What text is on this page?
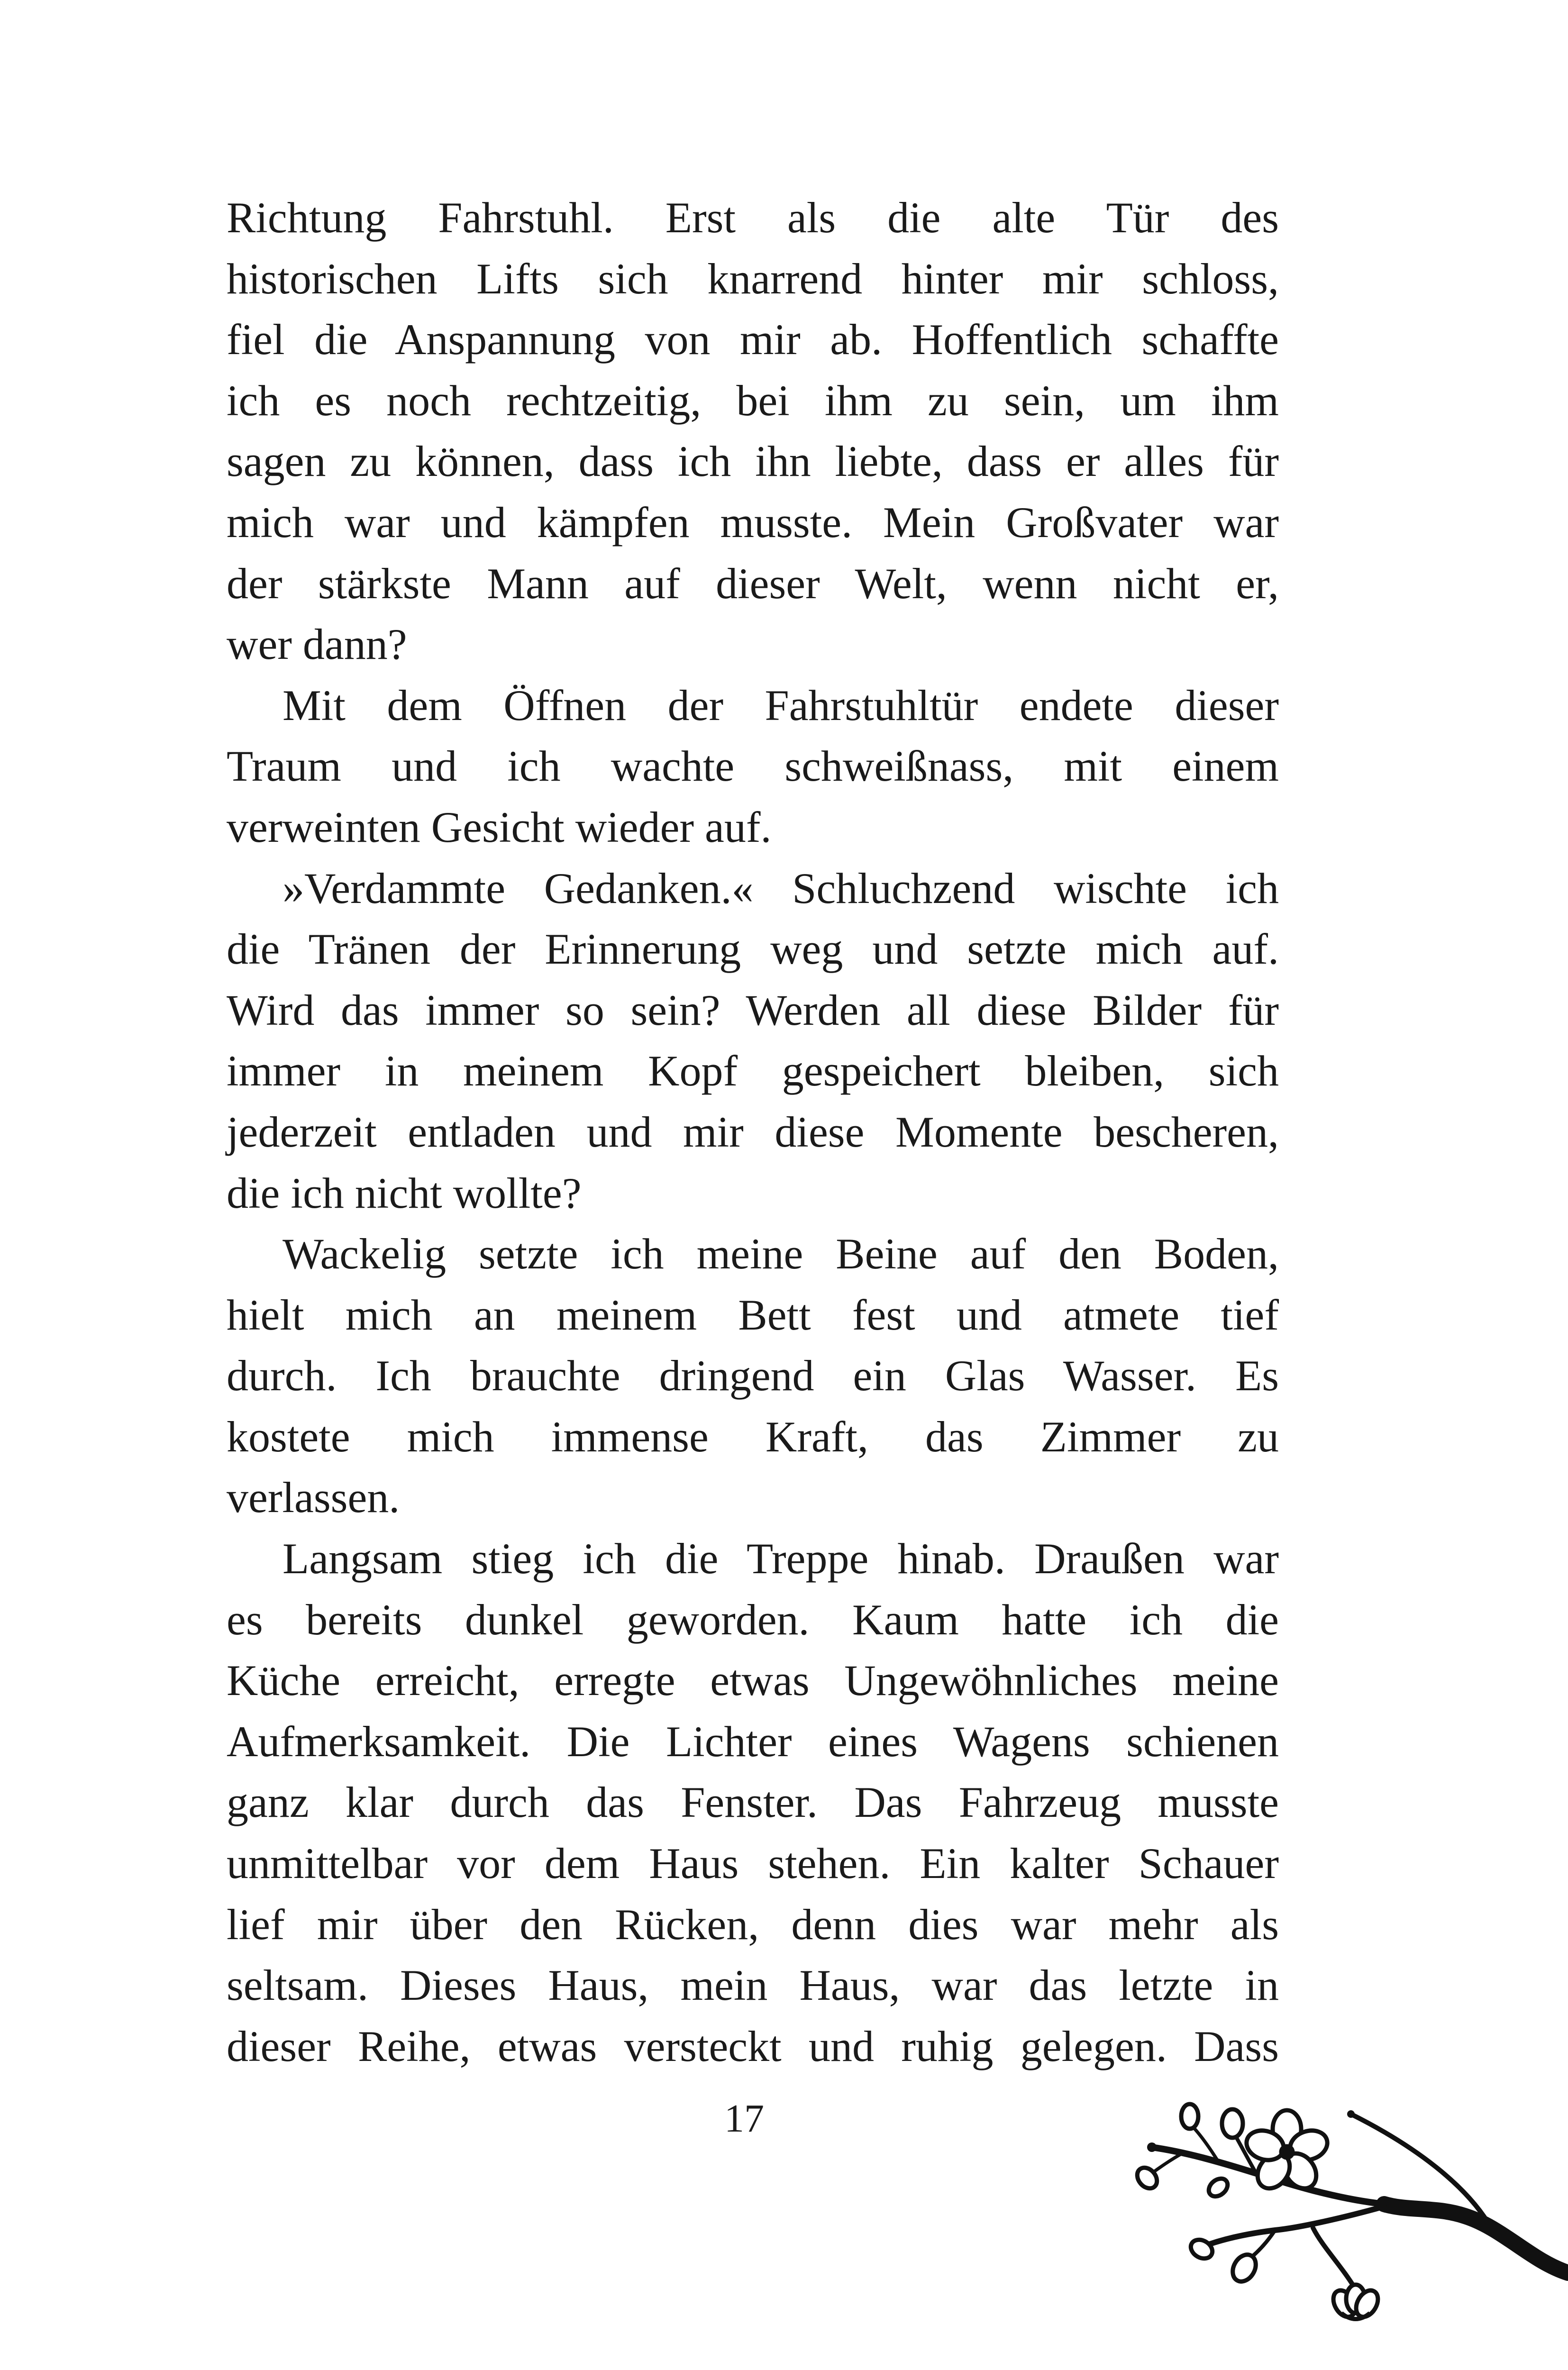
Richtung Fahrstuhl. Erst als die alte Tür des
historischen Lifts sich knarrend hinter mir schloss,
fiel die Anspannung von mir ab. Hoffentlich schaffte
ich es noch rechtzeitig, bei ihm zu sein, um ihm
sagen zu können, dass ich ihn liebte, dass er alles für
mich war und kämpfen musste. Mein Großvater war
der stärkste Mann auf dieser Welt, wenn nicht er,
wer dann?
Mit dem Öffnen der Fahrstuhltür endete dieser
Traum und ich wachte schweißnass, mit einem
verweinten Gesicht wieder auf.
»Verdammte Gedanken.« Schluchzend wischte ich
die Tränen der Erinnerung weg und setzte mich auf.
Wird das immer so sein? Werden all diese Bilder für
immer in meinem Kopf gespeichert bleiben, sich
jederzeit entladen und mir diese Momente bescheren,
die ich nicht wollte?
Wackelig setzte ich meine Beine auf den Boden,
hielt mich an meinem Bett fest und atmete tief
durch. Ich brauchte dringend ein Glas Wasser. Es
kostete mich immense Kraft, das Zimmer zu
verlassen.
Langsam stieg ich die Treppe hinab. Draußen war
es bereits dunkel geworden. Kaum hatte ich die
Küche erreicht, erregte etwas Ungewöhnliches meine
Aufmerksamkeit. Die Lichter eines Wagens schienen
ganz klar durch das Fenster. Das Fahrzeug musste
unmittelbar vor dem Haus stehen. Ein kalter Schauer
lief mir über den Rücken, denn dies war mehr als
seltsam. Dieses Haus, mein Haus, war das letzte in
dieser Reihe, etwas versteckt und ruhig gelegen. Dass
17
